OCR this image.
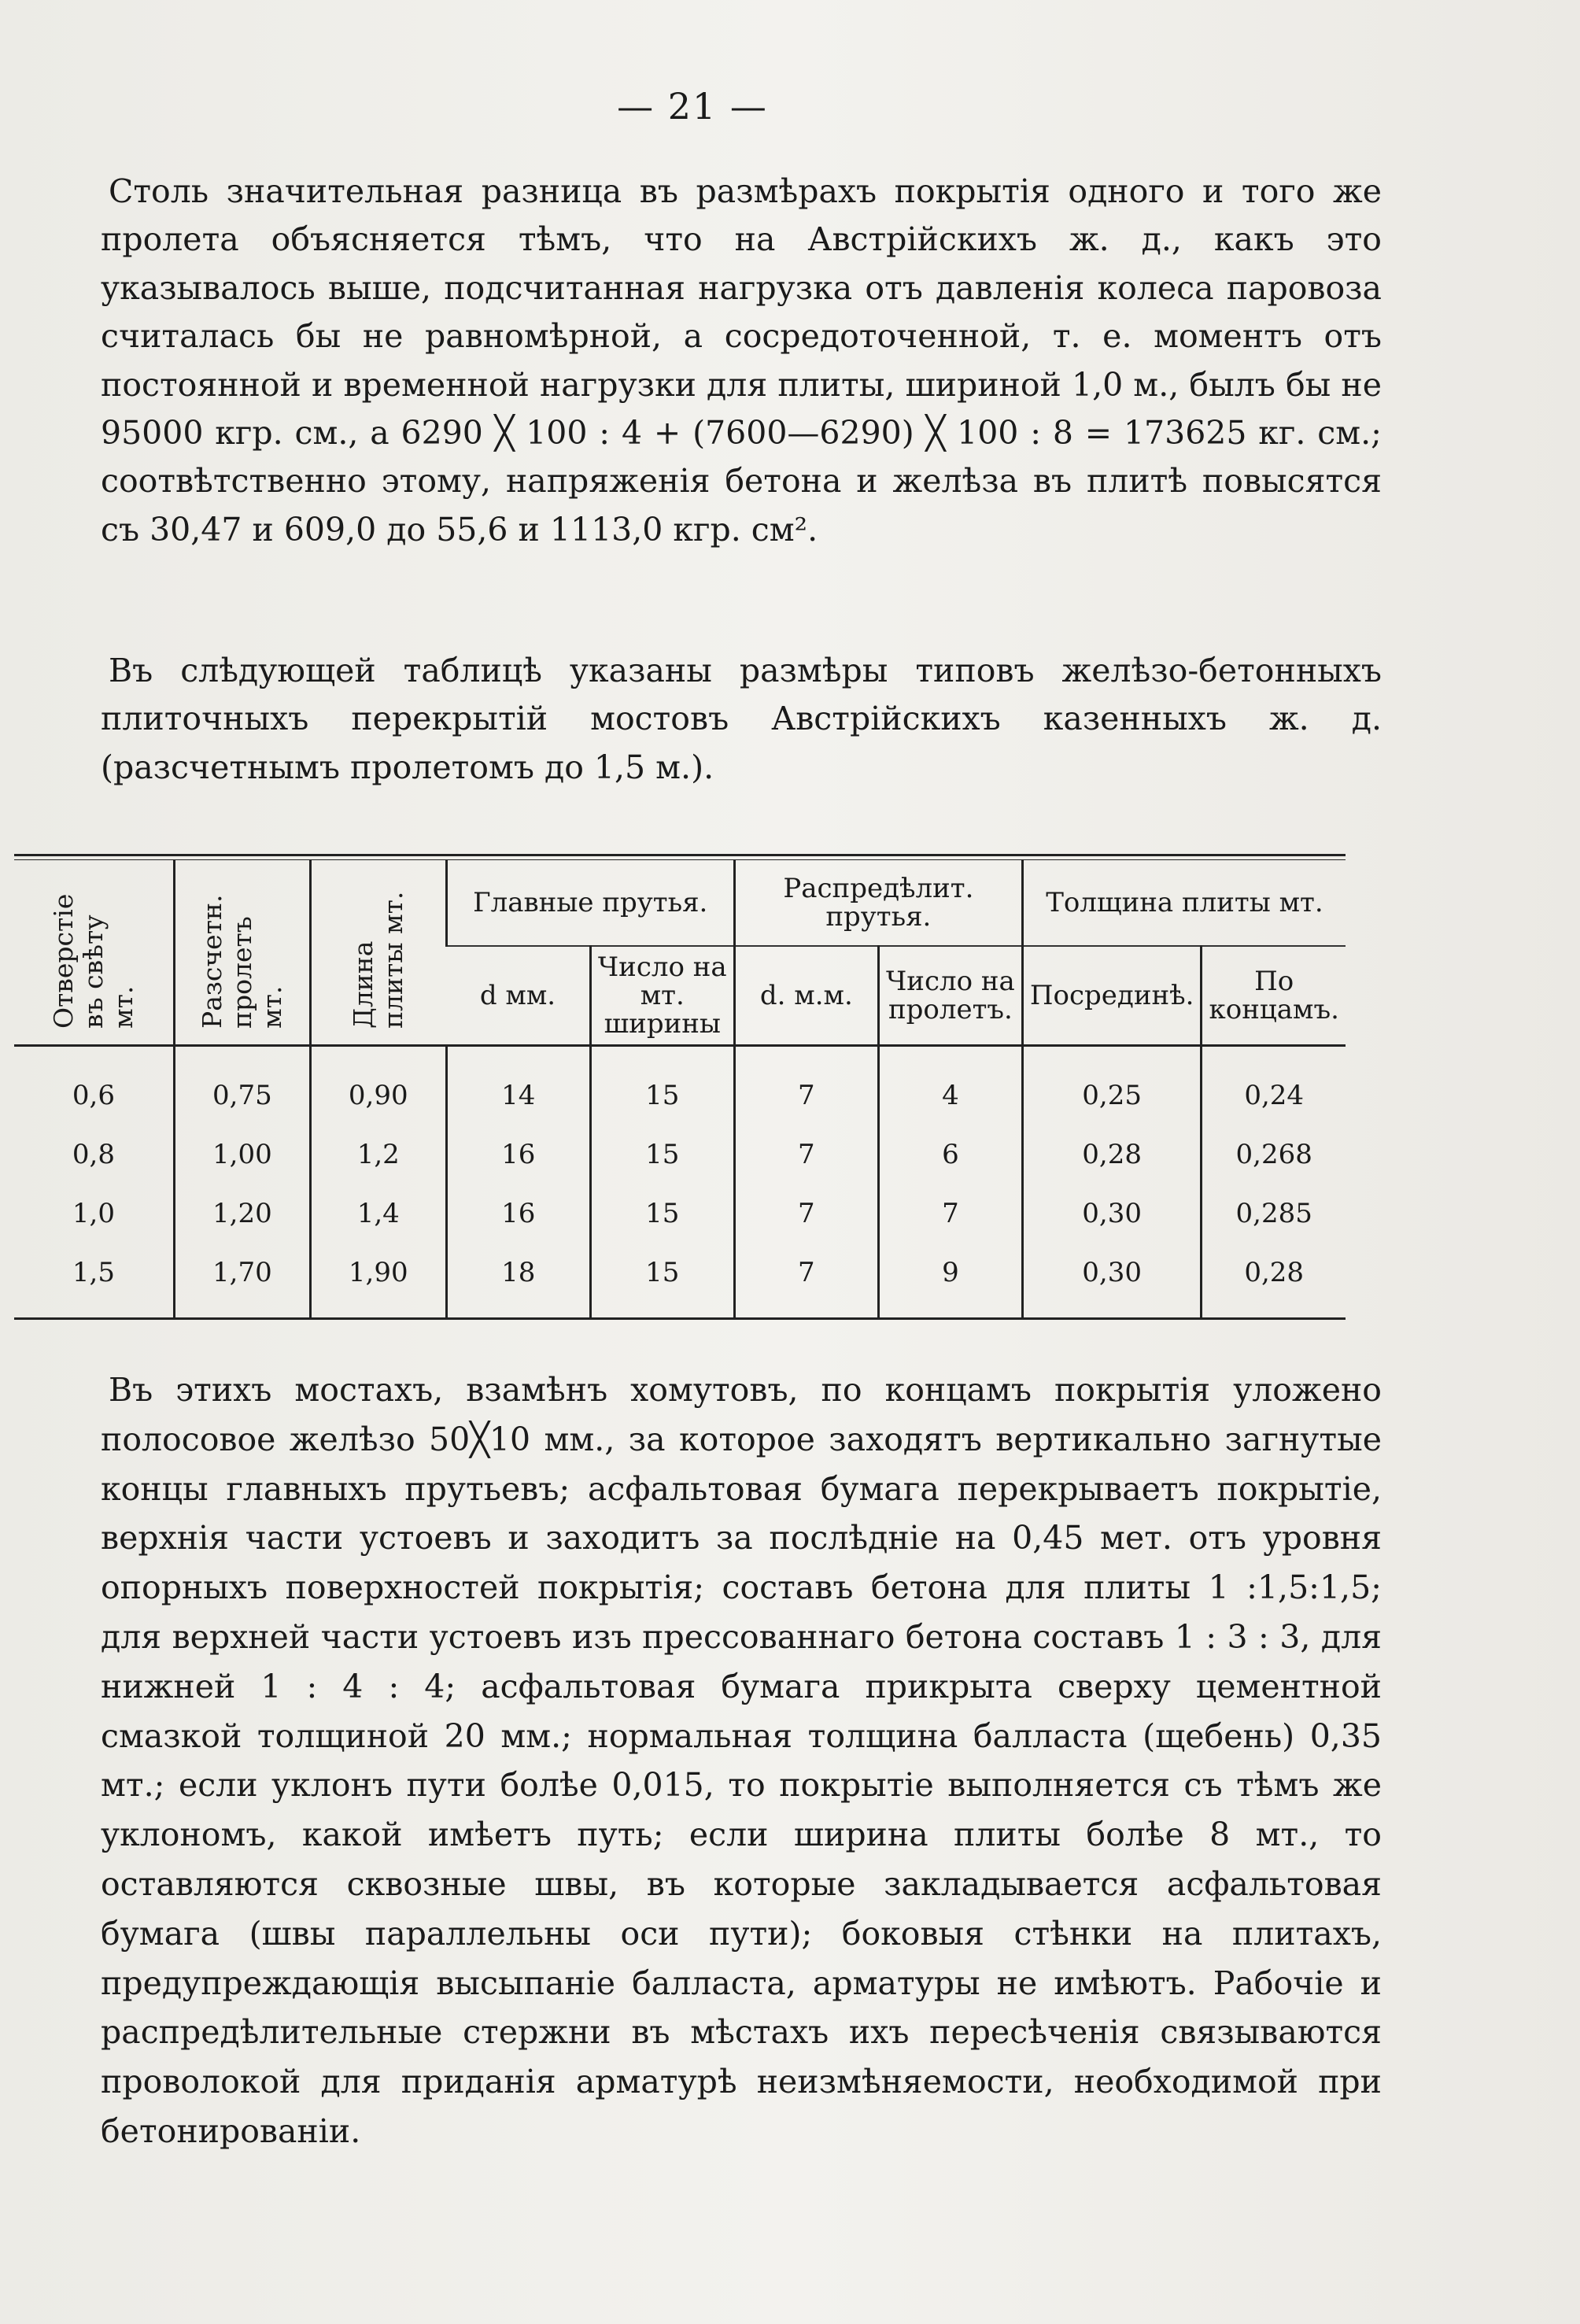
— 21 —

Столь значительная разница въ размѣрахъ покрытія одного и того же пролета объясняется тѣмъ, что на Австрійскихъ ж. д., какъ это указывалось выше, подсчитанная нагрузка отъ давленія колеса паровоза считалась бы не равномѣрной, а сосредоточенной, т. е. моментъ отъ постоянной и временной нагрузки для плиты, шириной 1,0 м., былъ бы не 95000 кгр. см., а 6290 ╳ 100 : 4 + (7600—6290) ╳ 100 : 8 = 173625 кг. см.; соотвѣтственно этому, напряженія бетона и желѣза въ плитѣ повысятся съ 30,47 и 609,0 до 55,6 и 1113,0 кгр. см².

Въ слѣдующей таблицѣ указаны размѣры типовъ желѣзо-бетонныхъ плиточныхъ перекрытій мостовъ Австрійскихъ казенныхъ ж. д. (разсчетнымъ пролетомъ до 1,5 м.).

Отверстіе въ свѣту мт.	Разсчетн. пролетъ мт.	Длина плиты мт.	Главные прутья.		Распредѣлит. прутья.		Толщина плиты мт.	
			d мм.	Число на мт. ширины	d. м.м.	Число на пролетъ.	Посрединѣ.	По концамъ.
0,6	0,75	0,90	14	15	7	4	0,25	0,24
0,8	1,00	1,2	16	15	7	6	0,28	0,268
1,0	1,20	1,4	16	15	7	7	0,30	0,285
1,5	1,70	1,90	18	15	7	9	0,30	0,28

Въ этихъ мостахъ, взамѣнъ хомутовъ, по концамъ покрытія уложено полосовое желѣзо 50╳10 мм., за которое заходятъ вертикально загнутые концы главныхъ прутьевъ; асфальтовая бумага перекрываетъ покрытіе, верхнія части устоевъ и заходитъ за послѣдніе на 0,45 мет. отъ уровня опорныхъ поверхностей покрытія; составъ бетона для плиты 1 :1,5:1,5; для верхней части устоевъ изъ прессованнаго бетона составъ 1 : 3 : 3, для нижней 1 : 4 : 4; асфальтовая бумага прикрыта сверху цементной смазкой толщиной 20 мм.; нормальная толщина балласта (щебень) 0,35 мт.; если уклонъ пути болѣе 0,015, то покрытіе выполняется съ тѣмъ же уклономъ, какой имѣетъ путь; если ширина плиты болѣе 8 мт., то оставляются сквозные швы, въ которые закладывается асфальтовая бумага (швы параллельны оси пути); боковыя стѣнки на плитахъ, предупреждающія высыпаніе балласта, арматуры не имѣютъ. Рабочіе и распредѣлительные стержни въ мѣстахъ ихъ пересѣченія связываются проволокой для приданія арматурѣ неизмѣняемости, необходимой при бетонированіи.
